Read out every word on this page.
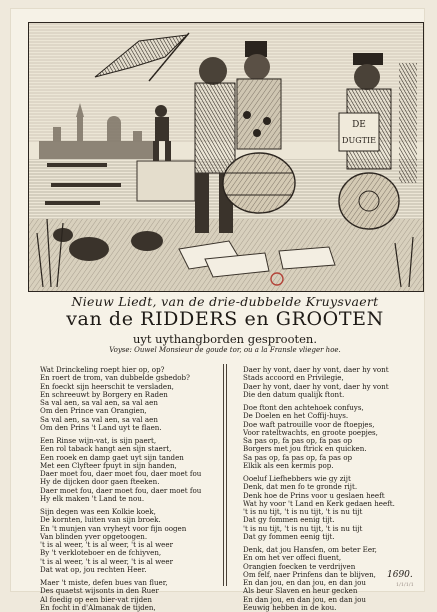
DE
DUGTIE
Nieuw Liedt, van de drie-dubbelde Kruysvaert
van de RIDDERS en GROOTEN
uyt uythangborden gesprooten.
Voyse: Ouwel Monsieur de goude tor, ou a la Fransle vlieger hoe.
Wat Drinckeling roept hier op, op?
En roert de trom, van dubbelde gsbedob?
En foeckt sijn heerschit te versladen,
En schreeuwt by Borgery en Raden
Sa val aen, sa val aen, sa val aen
Om den Prince van Orangien,
Sa val aen, sa val aen, sa val aen
Om den Prins 't Land uyt te flaen.
Een Rinse wijn-vat, is sijn paert,
Een rol taback hangt aen sijn staert,
Een rooek en damp gaet uyt sijn tanden
Met een Clyfteer fpuyt in sijn handen,
Daer moet fou, daer moet fou, daer moet fou
Hy de dijcken door gaen fteeken.
Daer moet fou, daer moet fou, daer moet fou
Hy elk maken 't Land te nou.
Sijn degen was een Kolkie koek,
De kornten, luiten van sijn broek.
En 't munjen van vryheyt voor fijn oogen
Van blinden yver opgetoogen.
't is al weer, 't is al weer, 't is al weer
By 't verkloteboer en de fchiyven,
't is al weer, 't is al weer, 't is al weer
Dat wat op, jou rechten Heer.
Maer 't miste, defen bues van fluer,
Des quaetst wijsonts in den Ruer
Al foedig op een bier-vat rijden
En focht in d'Almanak de tijden,
Daer hy vont, daer hy vont, daer hy vont
Stads accoord en Privilegie,
Daer hy vont, daer hy vont, daer hy vont
Die den datum qualijk ftont.
Doe ftont den achtehoek confuys,
De Doelen en het Coffij-huys.
Doe waft patrouille voor de ftoepjes,
Voor rateltwachts, en groote poepjes,
Sa pas op, fa pas op, fa pas op
Borgers met jou ftrick en quicken.
Sa pas op, fa pas op, fa pas op
Elkik als een kermis pop.
Ooeluf Liefhebbers wie gy zijt
Denk, dat men fo te gronde rijt.
Denk hoe de Prins voor u geslaen heeft
Wat hy voor 't Land en Kerk gedaen heeft.
't is nu tijt, 't is nu tijt, 't is nu tijt
Dat gy fommen eenig tijt.
't is nu tijt, 't is nu tijt, 't is nu tijt
Dat gy fommen eenig tijt.
Denk, dat jou Hansfen, om beter Eer,
En om het ver offeci fluent,
Orangien foecken te verdrijven
Om felf, naer Prinfens dan te blijven,
En dan jou, en dan jou, en dan jou
Als beur Slaven en heur gecken
En dan jou, en dan jou, en dan jou
Eeuwig hebben in de kou.
1690.
1/1/1/1
